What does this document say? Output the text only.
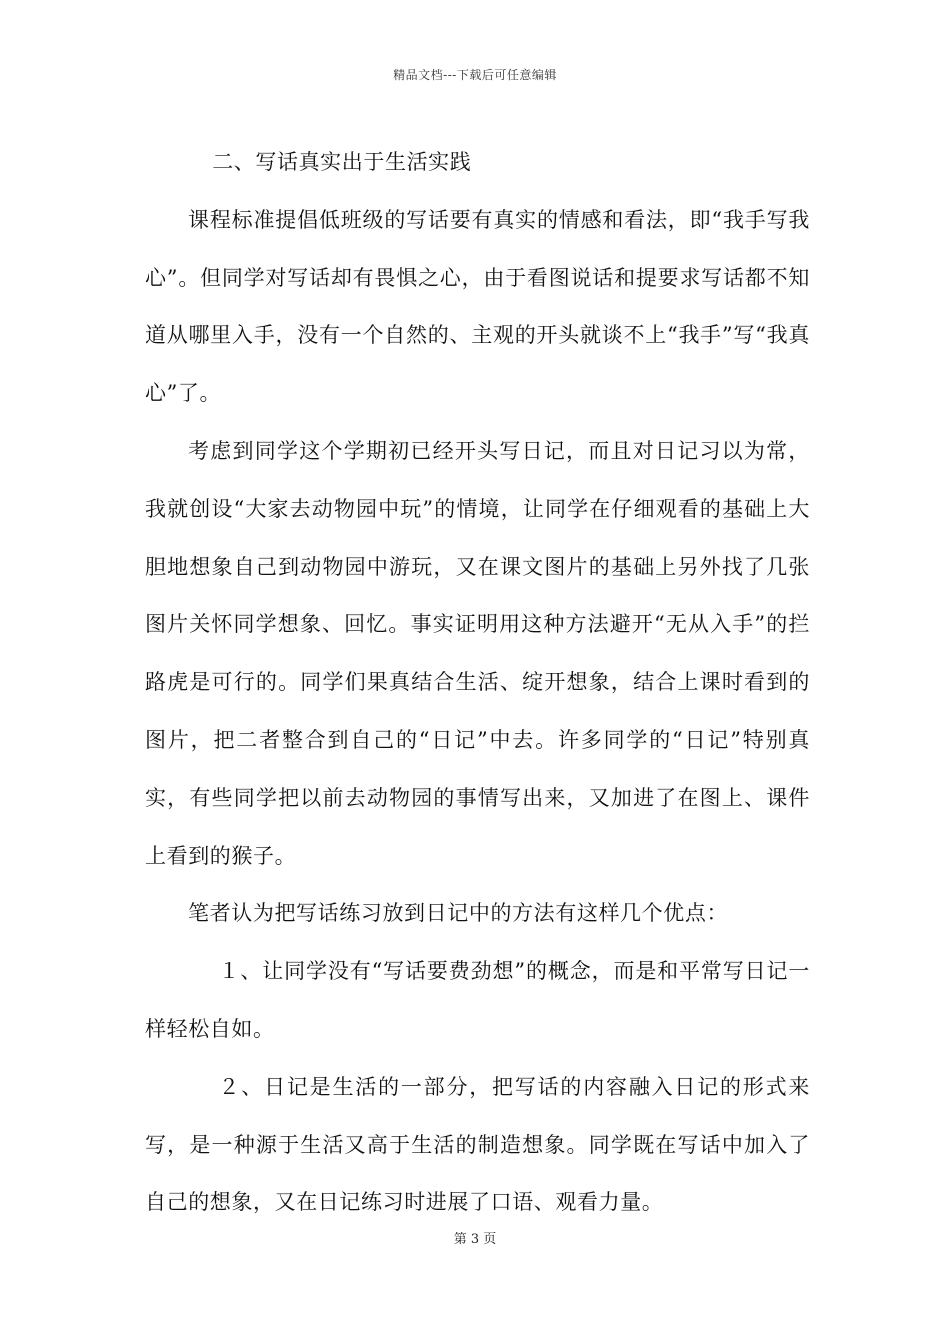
精品文档---下载后可任意编辑

二、写话真实出于生活实践

课程标准提倡低班级的写话要有真实的情感和看法，即“我手写我心”。但同学对写话却有畏惧之心，由于看图说话和提要求写话都不知道从哪里入手，没有一个自然的、主观的开头就谈不上“我手”写“我真心”了。

考虑到同学这个学期初已经开头写日记，而且对日记习以为常，我就创设“大家去动物园中玩”的情境，让同学在仔细观看的基础上大胆地想象自己到动物园中游玩，又在课文图片的基础上另外找了几张图片关怀同学想象、回忆。事实证明用这种方法避开“无从入手”的拦路虎是可行的。同学们果真结合生活、绽开想象，结合上课时看到的图片，把二者整合到自己的“日记”中去。许多同学的“日记”特别真实，有些同学把以前去动物园的事情写出来，又加进了在图上、课件上看到的猴子。

笔者认为把写话练习放到日记中的方法有这样几个优点：

１、让同学没有“写话要费劲想”的概念，而是和平常写日记一样轻松自如。

２、日记是生活的一部分，把写话的内容融入日记的形式来写，是一种源于生活又高于生活的制造想象。同学既在写话中加入了自己的想象，又在日记练习时进展了口语、观看力量。

第 3 页
